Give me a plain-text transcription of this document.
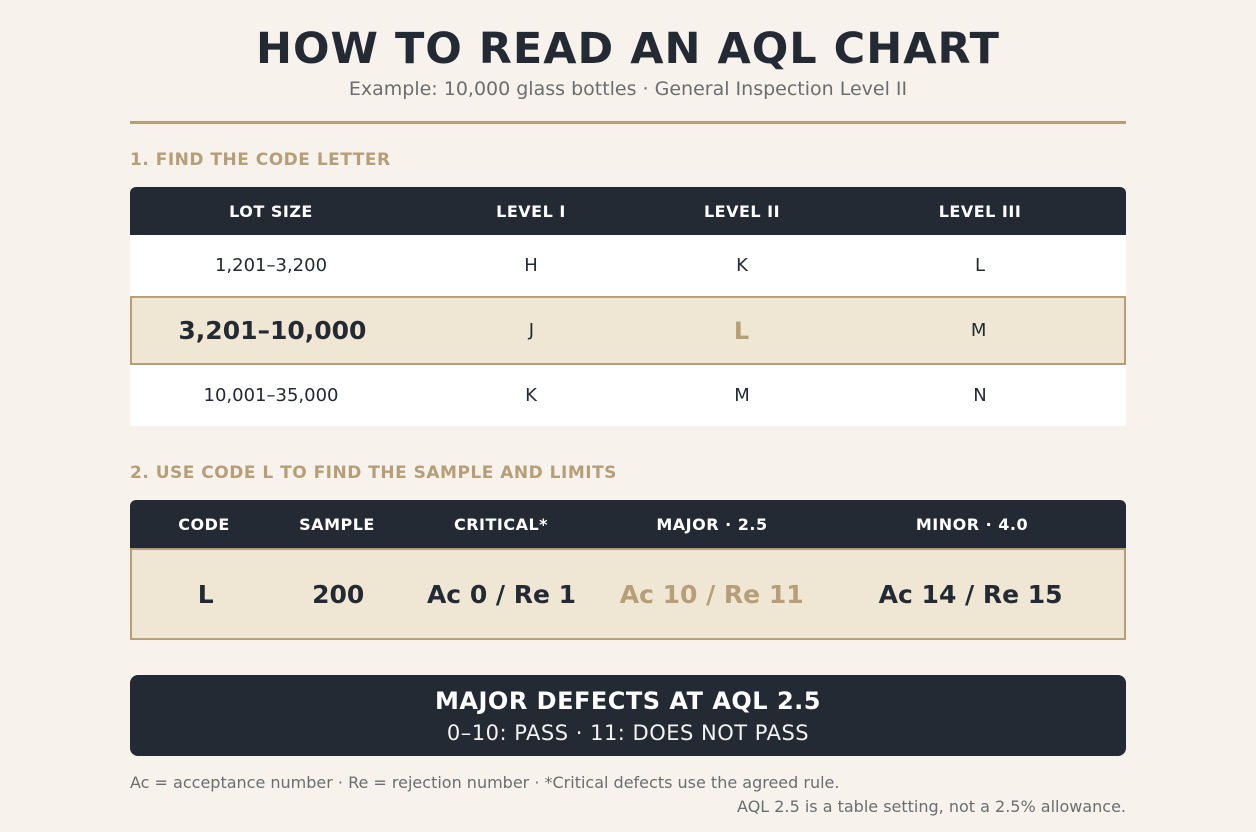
HOW TO READ AN AQL CHART
Example: 10,000 glass bottles · General Inspection Level II
1. FIND THE CODE LETTER
LOT SIZE	LEVEL I	LEVEL II	LEVEL III
1,201–3,200	H	K	L
3,201–10,000	J	L	M
10,001–35,000	K	M	N
2. USE CODE L TO FIND THE SAMPLE AND LIMITS
CODE	SAMPLE	CRITICAL*	MAJOR · 2.5	MINOR · 4.0
L	200	Ac 0 / Re 1	Ac 10 / Re 11	Ac 14 / Re 15
MAJOR DEFECTS AT AQL 2.5
0–10: PASS · 11: DOES NOT PASS
Ac = acceptance number · Re = rejection number · *Critical defects use the agreed rule.
AQL 2.5 is a table setting, not a 2.5% allowance.
